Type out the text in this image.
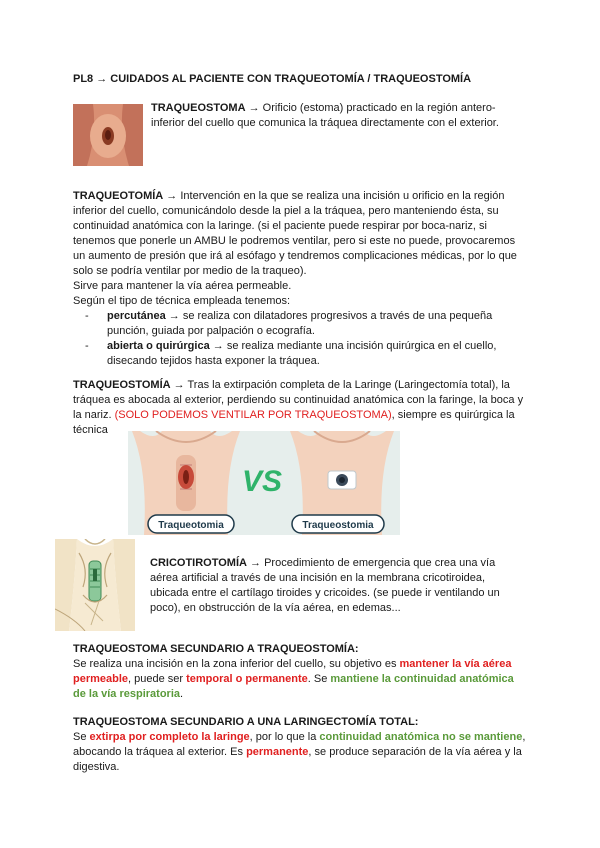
PL8 → CUIDADOS AL PACIENTE CON TRAQUEOTOMÍA / TRAQUEOSTOMÍA
TRAQUEOSTOMA → Orificio (estoma) practicado en la región antero-inferior del cuello que comunica la tráquea directamente con el exterior.

TRAQUEOTOMÍA → Intervención en la que se realiza una incisión u orificio en la región inferior del cuello, comunicándolo desde la piel a la tráquea, pero manteniendo ésta, su continuidad anatómica con la laringe. (si el paciente puede respirar por boca-nariz, si tenemos que ponerle un AMBU le podremos ventilar, pero si este no puede, provocaremos un aumento de presión que irá al esófago y tendremos complicaciones médicas, por lo que solo se podría ventilar por medio de la traqueo).

Sirve para mantener la vía aérea permeable.

Según el tipo de técnica empleada tenemos:

- percutánea → se realiza con dilatadores progresivos a través de una pequeña punción, guiada por palpación o ecografía.
- abierta o quirúrgica → se realiza mediante una incisión quirúrgica en el cuello, disecando tejidos hasta exponer la tráquea.
TRAQUEOSTOMÍA → Tras la extirpación completa de la Laringe (Laringectomía total), la tráquea es abocada al exterior, perdiendo su continuidad anatómica con la faringe, la boca y la nariz. (SOLO PODEMOS VENTILAR POR TRAQUEOSTOMA), siempre es quirúrgica la técnica
VS
Traqueotomia	Traqueostomia
CRICOTIROTOMÍA → Procedimiento de emergencia que crea una vía aérea artificial a través de una incisión en la membrana cricotiroidea, ubicada entre el cartílago tiroides y cricoides. (se puede ir ventilando un poco), en obstrucción de la vía aérea, en edemas...

TRAQUEOSTOMA SECUNDARIO A TRAQUEOSTOMÍA:

Se realiza una incisión en la zona inferior del cuello, su objetivo es mantener la vía aérea permeable, puede ser temporal o permanente. Se mantiene la continuidad anatómica de la vía respiratoria.

TRAQUEOSTOMA SECUNDARIO A UNA LARINGECTOMÍA TOTAL:

Se extirpa por completo la laringe, por lo que la continuidad anatómica no se mantiene, abocando la tráquea al exterior. Es permanente, se produce separación de la vía aérea y la digestiva.
